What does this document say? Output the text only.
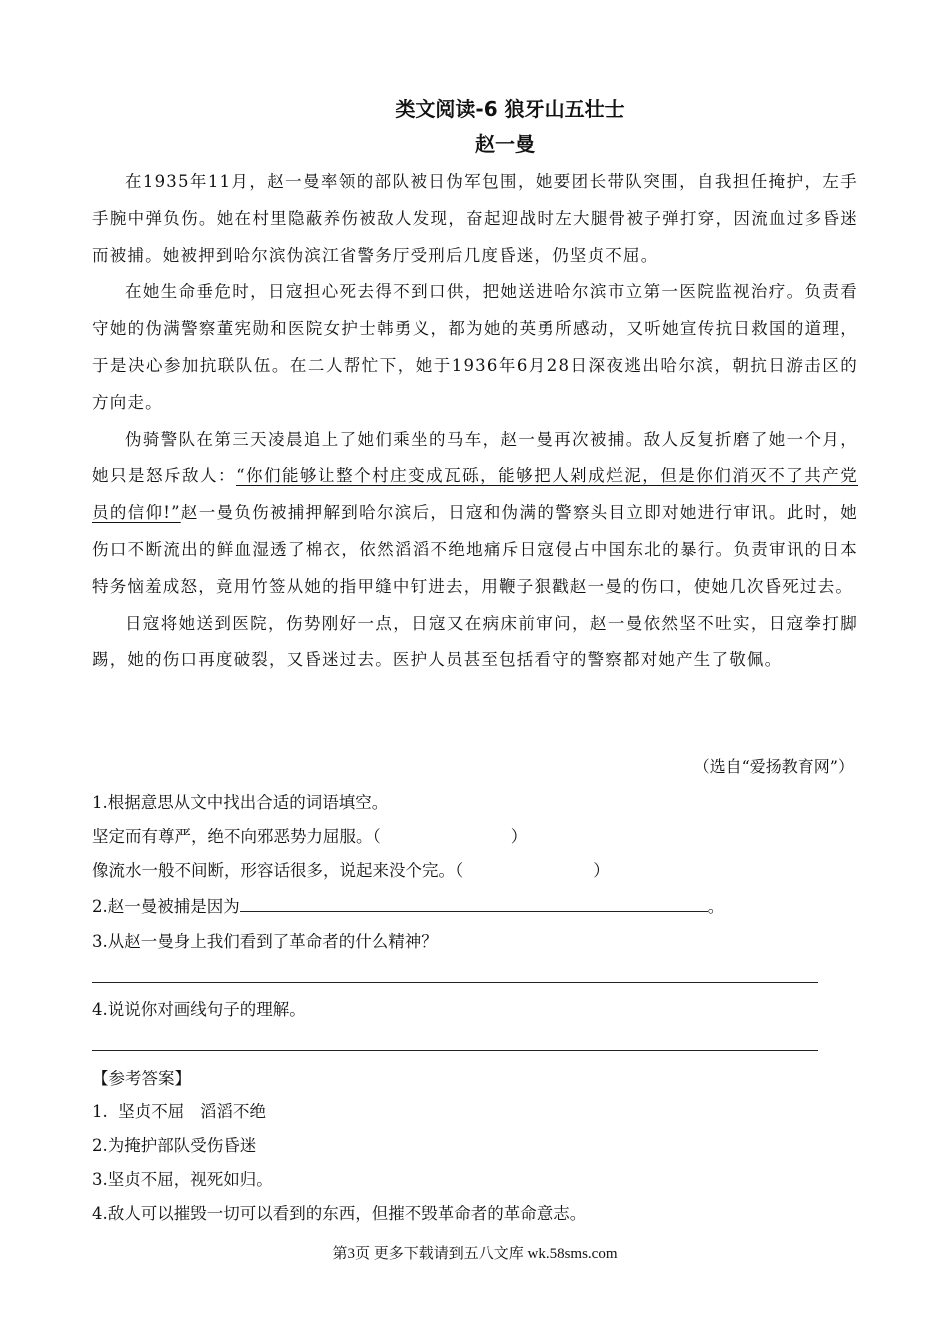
类文阅读-6 狼牙山五壮士
赵一曼

在1935年11月，赵一曼率领的部队被日伪军包围，她要团长带队突围，自我担任掩护，左手手腕中弹负伤。她在村里隐蔽养伤被敌人发现，奋起迎战时左大腿骨被子弹打穿，因流血过多昏迷而被捕。她被押到哈尔滨伪滨江省警务厅受刑后几度昏迷，仍坚贞不屈。

在她生命垂危时，日寇担心死去得不到口供，把她送进哈尔滨市立第一医院监视治疗。负责看守她的伪满警察董宪勋和医院女护士韩勇义，都为她的英勇所感动，又听她宣传抗日救国的道理，于是决心参加抗联队伍。在二人帮忙下，她于1936年6月28日深夜逃出哈尔滨，朝抗日游击区的方向走。

伪骑警队在第三天凌晨追上了她们乘坐的马车，赵一曼再次被捕。敌人反复折磨了她一个月，她只是怒斥敌人：“你们能够让整个村庄变成瓦砾，能够把人剁成烂泥，但是你们消灭不了共产党员的信仰!”赵一曼负伤被捕押解到哈尔滨后，日寇和伪满的警察头目立即对她进行审讯。此时，她伤口不断流出的鲜血湿透了棉衣，依然滔滔不绝地痛斥日寇侵占中国东北的暴行。负责审讯的日本特务恼羞成怒，竟用竹签从她的指甲缝中钉进去，用鞭子狠戳赵一曼的伤口，使她几次昏死过去。

日寇将她送到医院，伤势刚好一点，日寇又在病床前审问，赵一曼依然坚不吐实，日寇拳打脚踢，她的伤口再度破裂，又昏迷过去。医护人员甚至包括看守的警察都对她产生了敬佩。

（选自“爱扬教育网”）
1.根据意思从文中找出合适的词语填空。
坚定而有尊严，绝不向邪恶势力屈服。（	）
像流水一般不间断，形容话很多，说起来没个完。（	）
2.赵一曼被捕是因为	。
3.从赵一曼身上我们看到了革命者的什么精神？
4.说说你对画线句子的理解。
【参考答案】
1.  坚贞不屈   滔滔不绝
2.为掩护部队受伤昏迷
3.坚贞不屈，视死如归。
4.敌人可以摧毁一切可以看到的东西，但摧不毁革命者的革命意志。
第3页 更多下载请到五八文库 wk.58sms.com
